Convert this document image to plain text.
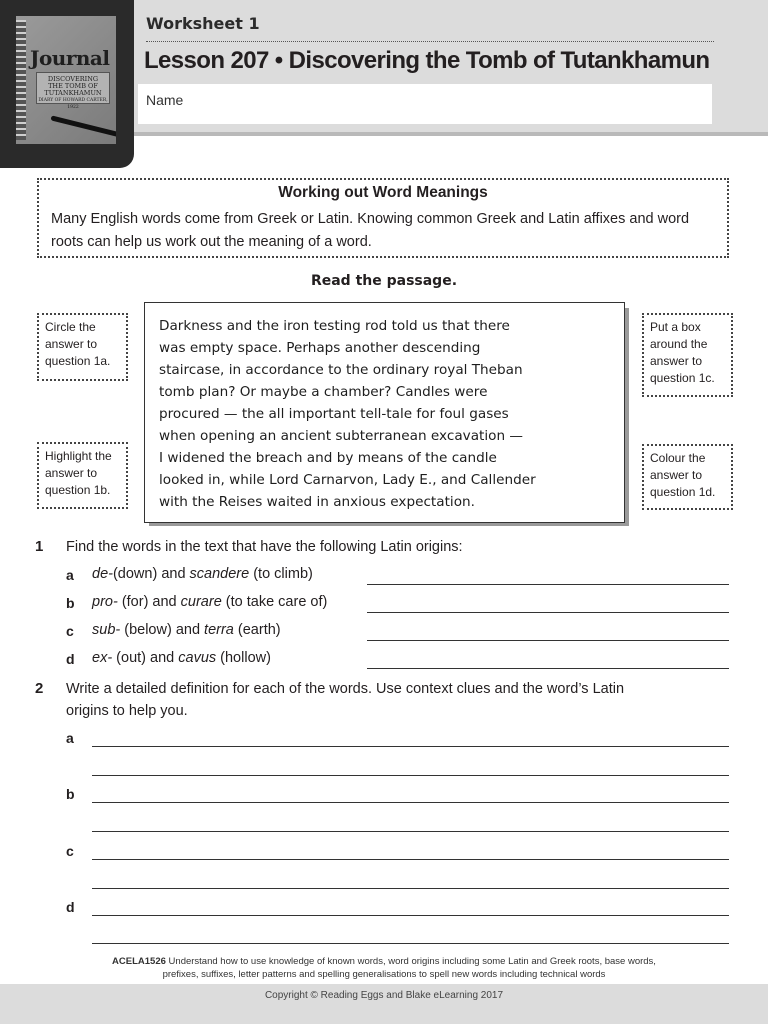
Journal
DISCOVERING
THE TOMB OF
TUTANKHAMUN
DIARY OF HOWARD CARTER, 1922
Worksheet 1
Lesson 207 • Discovering the Tomb of Tutankhamun
Name
Working out Word Meanings
Many English words come from Greek or Latin. Knowing common Greek and Latin affixes and word roots can help us work out the meaning of a word.
Read the passage.
Circle the answer to question 1a.
Highlight the answer to question 1b.
Put a box around the answer to question 1c.
Colour the answer to question 1d.
Darkness and the iron testing rod told us that there
was empty space. Perhaps another descending
staircase, in accordance to the ordinary royal Theban
tomb plan? Or maybe a chamber? Candles were
procured — the all important tell-tale for foul gases
when opening an ancient subterranean excavation —
I widened the breach and by means of the candle
looked in, while Lord Carnarvon, Lady E., and Callender
with the Reises waited in anxious expectation.
1 Find the words in the text that have the following Latin origins:
a de-(down) and scandere (to climb)
b pro- (for) and curare (to take care of)
c sub- (below) and terra (earth)
d ex- (out) and cavus (hollow)
2 Write a detailed definition for each of the words. Use context clues and the word’s Latin
origins to help you.
a
b
c
d
ACELA1526 Understand how to use knowledge of known words, word origins including some Latin and Greek roots, base words,
prefixes, suffixes, letter patterns and spelling generalisations to spell new words including technical words
Copyright © Reading Eggs and Blake eLearning 2017
